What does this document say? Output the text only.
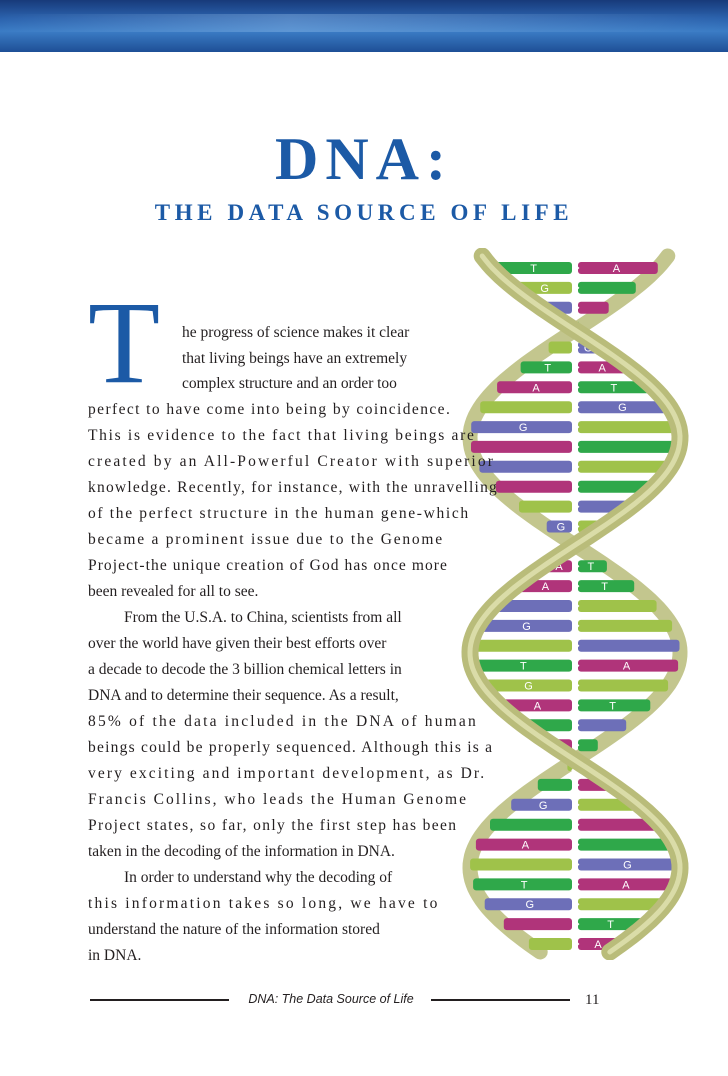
DNA:
THE DATA SOURCE OF LIFE
T	A
G
G
T	A
A	T
G
G
G
A T
A	T
G
T	A
G
A	T
G
A
G
T	A
G
T
A
T he progress of science makes it clear
that living beings have an extremely
complex structure and an order too
perfect to have come into being by coincidence.
This is evidence to the fact that living beings are
created by an All-Powerful Creator with superior
knowledge. Recently, for instance, with the unravelling
of the perfect structure in the human gene-which
became a prominent issue due to the Genome
Project-the unique creation of God has once more
been revealed for all to see.
From the U.S.A. to China, scientists from all
over the world have given their best efforts over
a decade to decode the 3 billion chemical letters in
DNA and to determine their sequence. As a result,
85% of the data included in the DNA of human
beings could be properly sequenced. Although this is a
very exciting and important development, as Dr.
Francis Collins, who leads the Human Genome
Project states, so far, only the first step has been
taken in the decoding of the information in DNA.
In order to understand why the decoding of
this information takes so long, we have to
understand the nature of the information stored
in DNA.
DNA: The Data Source of Life	11
